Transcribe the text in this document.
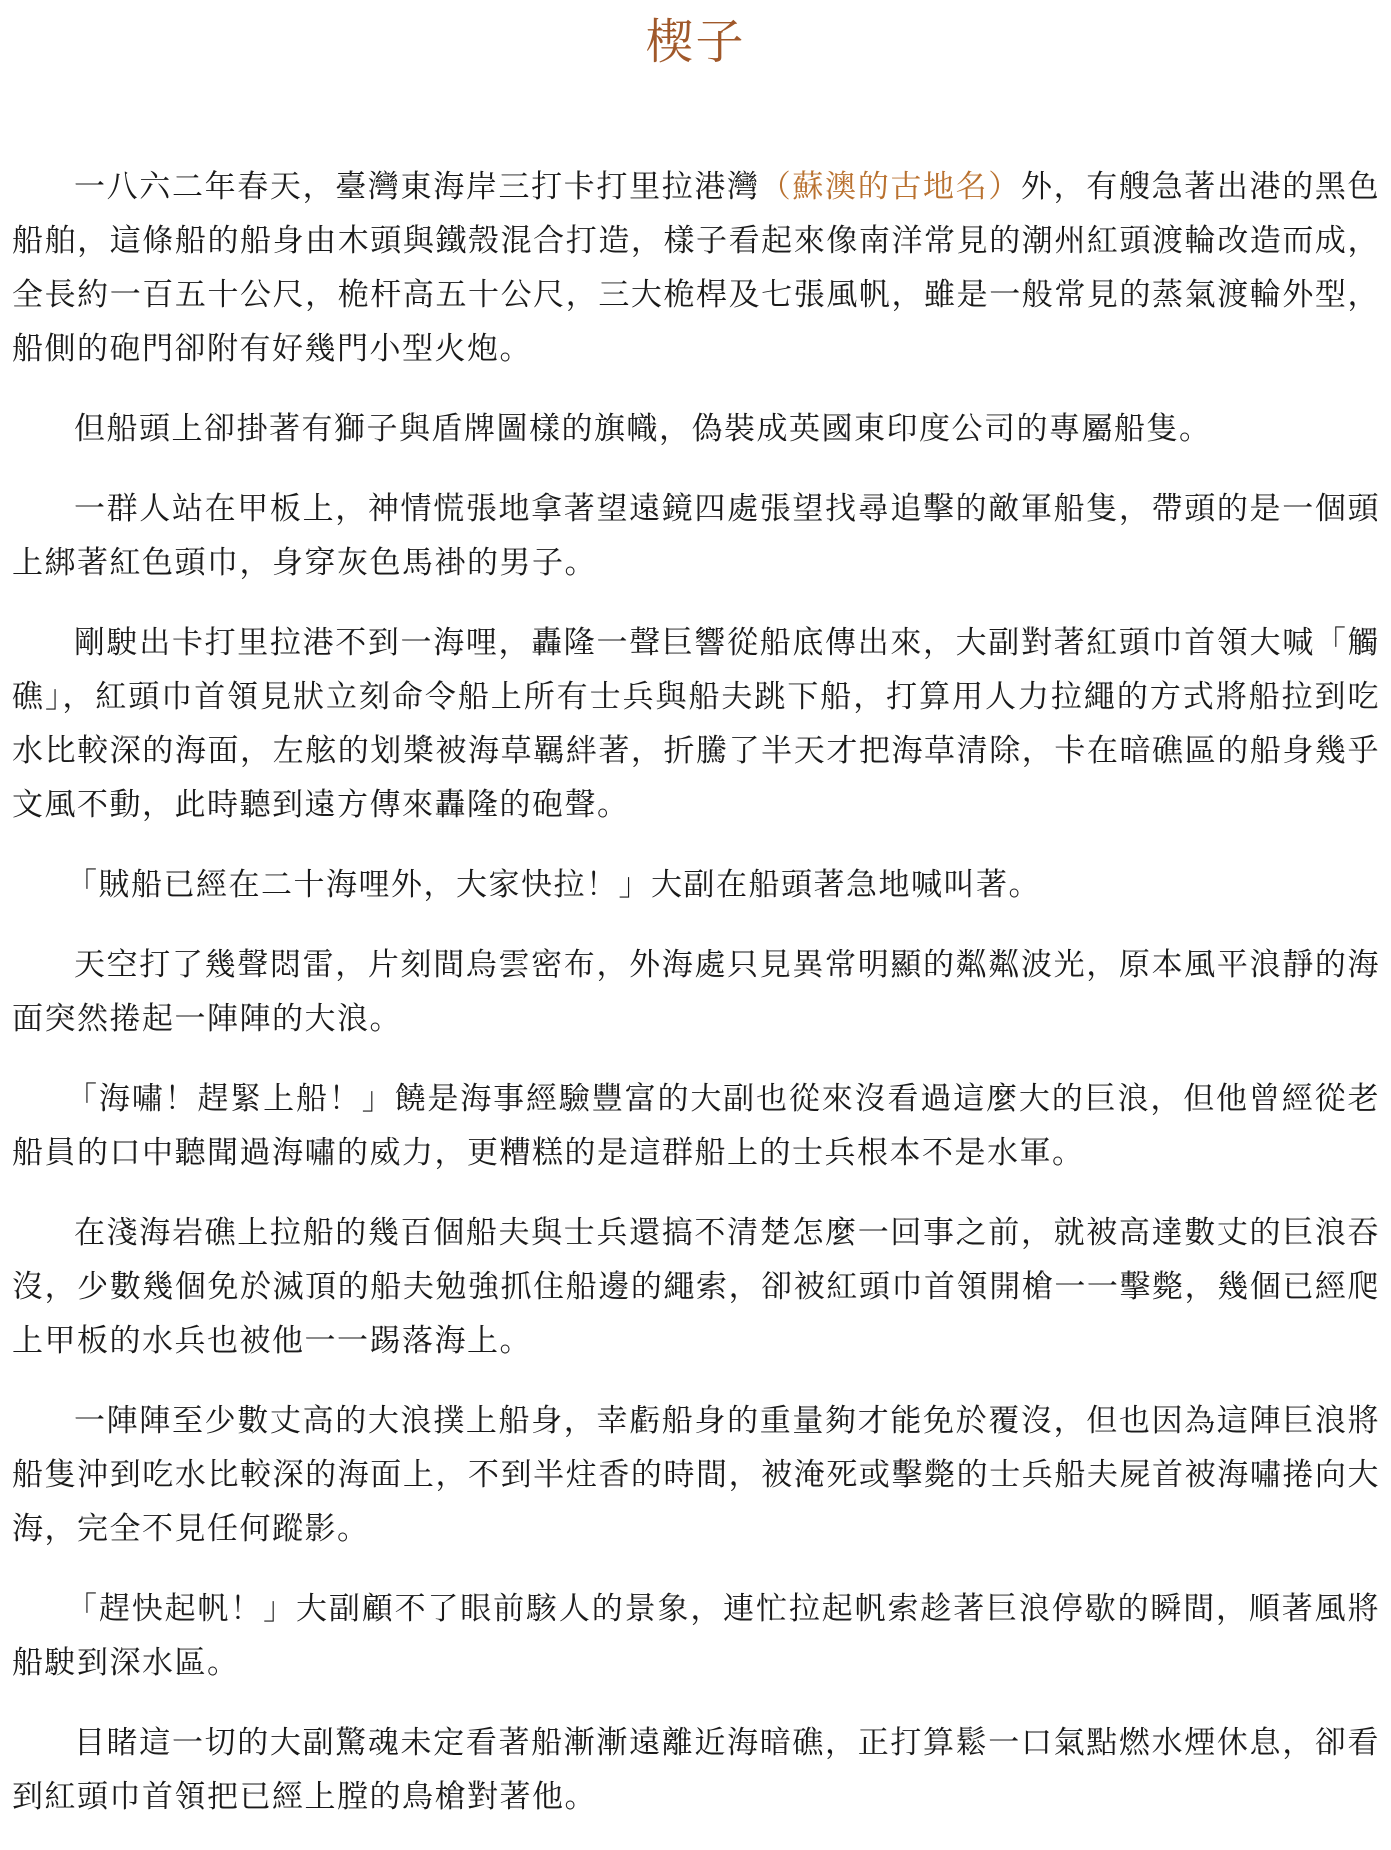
楔子

一八六二年春天，臺灣東海岸三打卡打里拉港灣（蘇澳的古地名）外，有艘急著出港的黑色船舶，這條船的船身由木頭與鐵殼混合打造，樣子看起來像南洋常見的潮州紅頭渡輪改造而成，全長約一百五十公尺，桅杆高五十公尺，三大桅桿及七張風帆，雖是一般常見的蒸氣渡輪外型，船側的砲門卻附有好幾門小型火炮。

但船頭上卻掛著有獅子與盾牌圖樣的旗幟，偽裝成英國東印度公司的專屬船隻。

一群人站在甲板上，神情慌張地拿著望遠鏡四處張望找尋追擊的敵軍船隻，帶頭的是一個頭上綁著紅色頭巾，身穿灰色馬褂的男子。

剛駛出卡打里拉港不到一海哩，轟隆一聲巨響從船底傳出來，大副對著紅頭巾首領大喊「觸礁」，紅頭巾首領見狀立刻命令船上所有士兵與船夫跳下船，打算用人力拉繩的方式將船拉到吃水比較深的海面，左舷的划槳被海草羈絆著，折騰了半天才把海草清除，卡在暗礁區的船身幾乎文風不動，此時聽到遠方傳來轟隆的砲聲。

「賊船已經在二十海哩外，大家快拉！」大副在船頭著急地喊叫著。

天空打了幾聲悶雷，片刻間烏雲密布，外海處只見異常明顯的粼粼波光，原本風平浪靜的海面突然捲起一陣陣的大浪。

「海嘯！趕緊上船！」饒是海事經驗豐富的大副也從來沒看過這麼大的巨浪，但他曾經從老船員的口中聽聞過海嘯的威力，更糟糕的是這群船上的士兵根本不是水軍。

在淺海岩礁上拉船的幾百個船夫與士兵還搞不清楚怎麼一回事之前，就被高達數丈的巨浪吞沒，少數幾個免於滅頂的船夫勉強抓住船邊的繩索，卻被紅頭巾首領開槍一一擊斃，幾個已經爬上甲板的水兵也被他一一踢落海上。

一陣陣至少數丈高的大浪撲上船身，幸虧船身的重量夠才能免於覆沒，但也因為這陣巨浪將船隻沖到吃水比較深的海面上，不到半炷香的時間，被淹死或擊斃的士兵船夫屍首被海嘯捲向大海，完全不見任何蹤影。

「趕快起帆！」大副顧不了眼前駭人的景象，連忙拉起帆索趁著巨浪停歇的瞬間，順著風將船駛到深水區。

目睹這一切的大副驚魂未定看著船漸漸遠離近海暗礁，正打算鬆一口氣點燃水煙休息，卻看到紅頭巾首領把已經上膛的鳥槍對著他。
